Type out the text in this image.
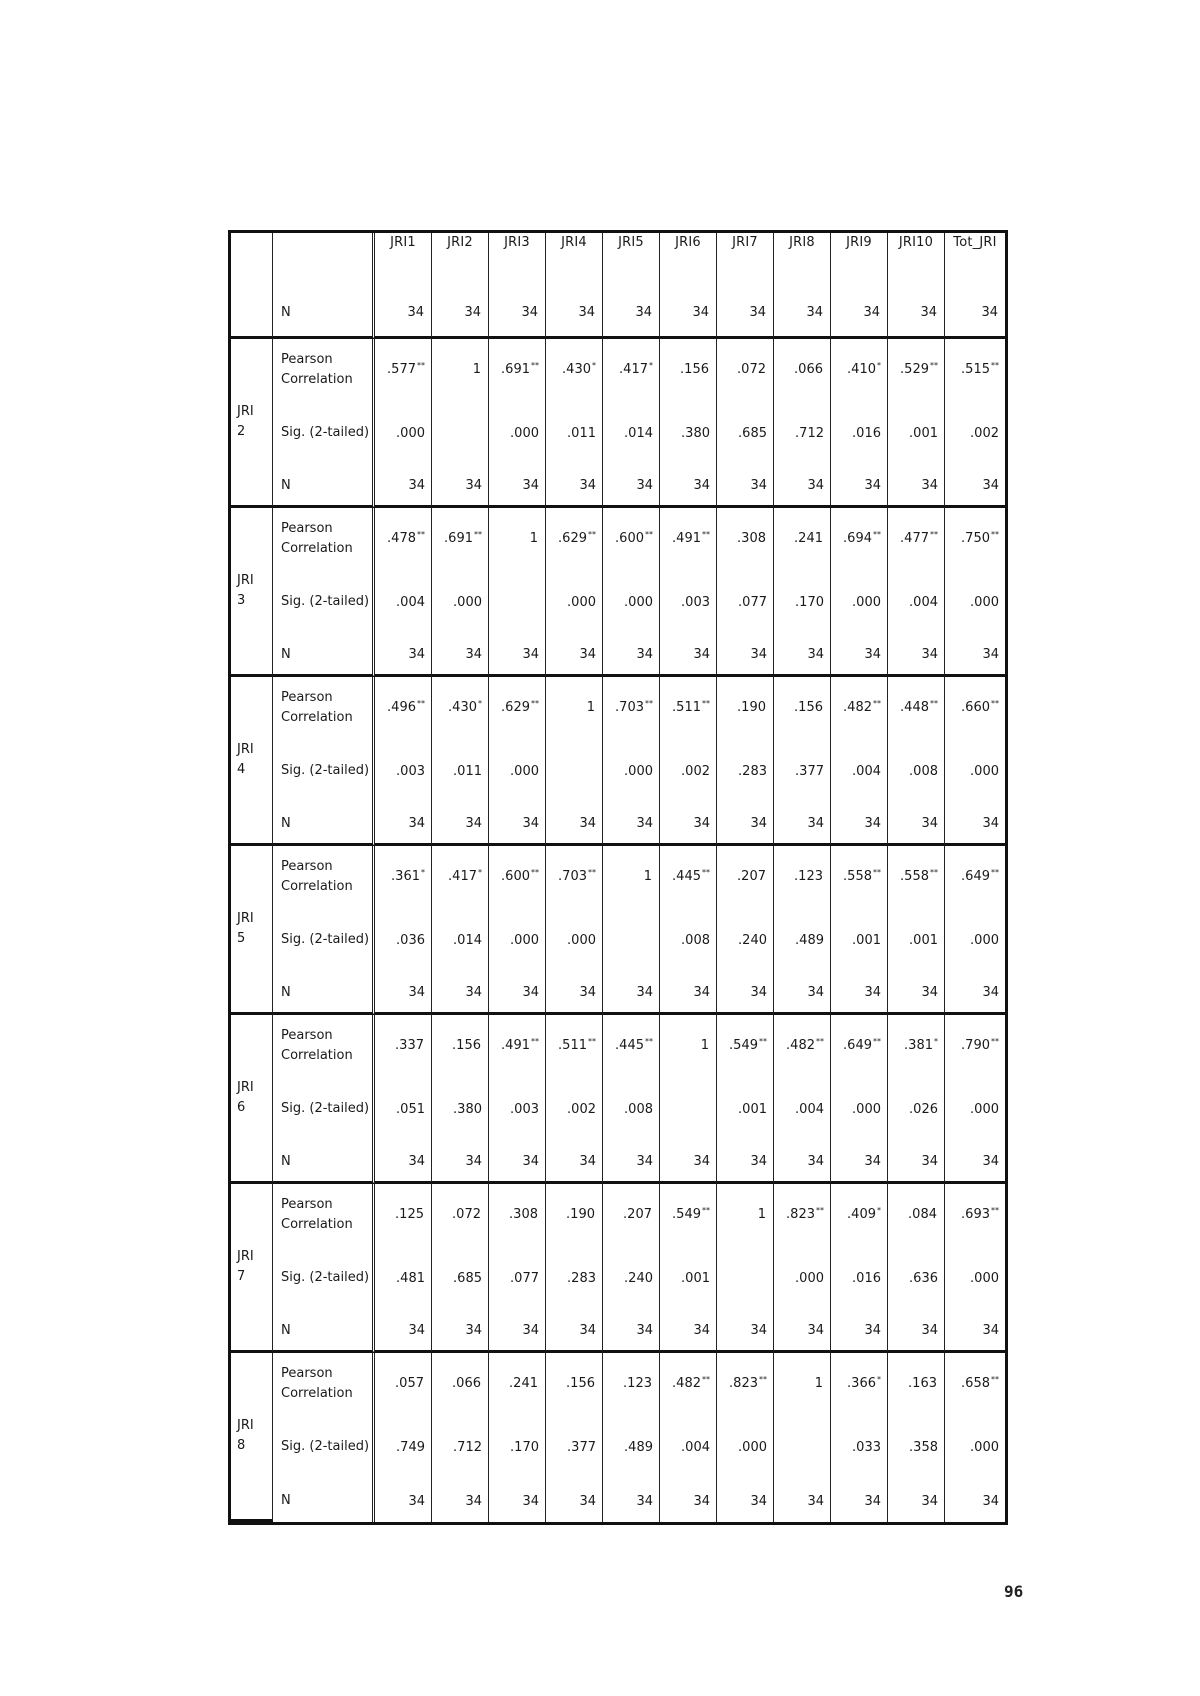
		JRI1	JRI2	JRI3	JRI4	JRI5	JRI6	JRI7	JRI8	JRI9	JRI10	Tot_JRI
	N	34	34	34	34	34	34	34	34	34	34	34
JRI 2	Pearson Correlation	.577**	1	.691**	.430*	.417*	.156	.072	.066	.410*	.529**	.515**
	Sig. (2-tailed)	.000		.000	.011	.014	.380	.685	.712	.016	.001	.002
	N	34	34	34	34	34	34	34	34	34	34	34
JRI 3	Pearson Correlation	.478**	.691**	1	.629**	.600**	.491**	.308	.241	.694**	.477**	.750**
	Sig. (2-tailed)	.004	.000		.000	.000	.003	.077	.170	.000	.004	.000
	N	34	34	34	34	34	34	34	34	34	34	34
JRI 4	Pearson Correlation	.496**	.430*	.629**	1	.703**	.511**	.190	.156	.482**	.448**	.660**
	Sig. (2-tailed)	.003	.011	.000		.000	.002	.283	.377	.004	.008	.000
	N	34	34	34	34	34	34	34	34	34	34	34
JRI 5	Pearson Correlation	.361*	.417*	.600**	.703**	1	.445**	.207	.123	.558**	.558**	.649**
	Sig. (2-tailed)	.036	.014	.000	.000		.008	.240	.489	.001	.001	.000
	N	34	34	34	34	34	34	34	34	34	34	34
JRI 6	Pearson Correlation	.337	.156	.491**	.511**	.445**	1	.549**	.482**	.649**	.381*	.790**
	Sig. (2-tailed)	.051	.380	.003	.002	.008		.001	.004	.000	.026	.000
	N	34	34	34	34	34	34	34	34	34	34	34
JRI 7	Pearson Correlation	.125	.072	.308	.190	.207	.549**	1	.823**	.409*	.084	.693**
	Sig. (2-tailed)	.481	.685	.077	.283	.240	.001		.000	.016	.636	.000
	N	34	34	34	34	34	34	34	34	34	34	34
JRI 8	Pearson Correlation	.057	.066	.241	.156	.123	.482**	.823**	1	.366*	.163	.658**
	Sig. (2-tailed)	.749	.712	.170	.377	.489	.004	.000		.033	.358	.000
	N	34	34	34	34	34	34	34	34	34	34	34
96
